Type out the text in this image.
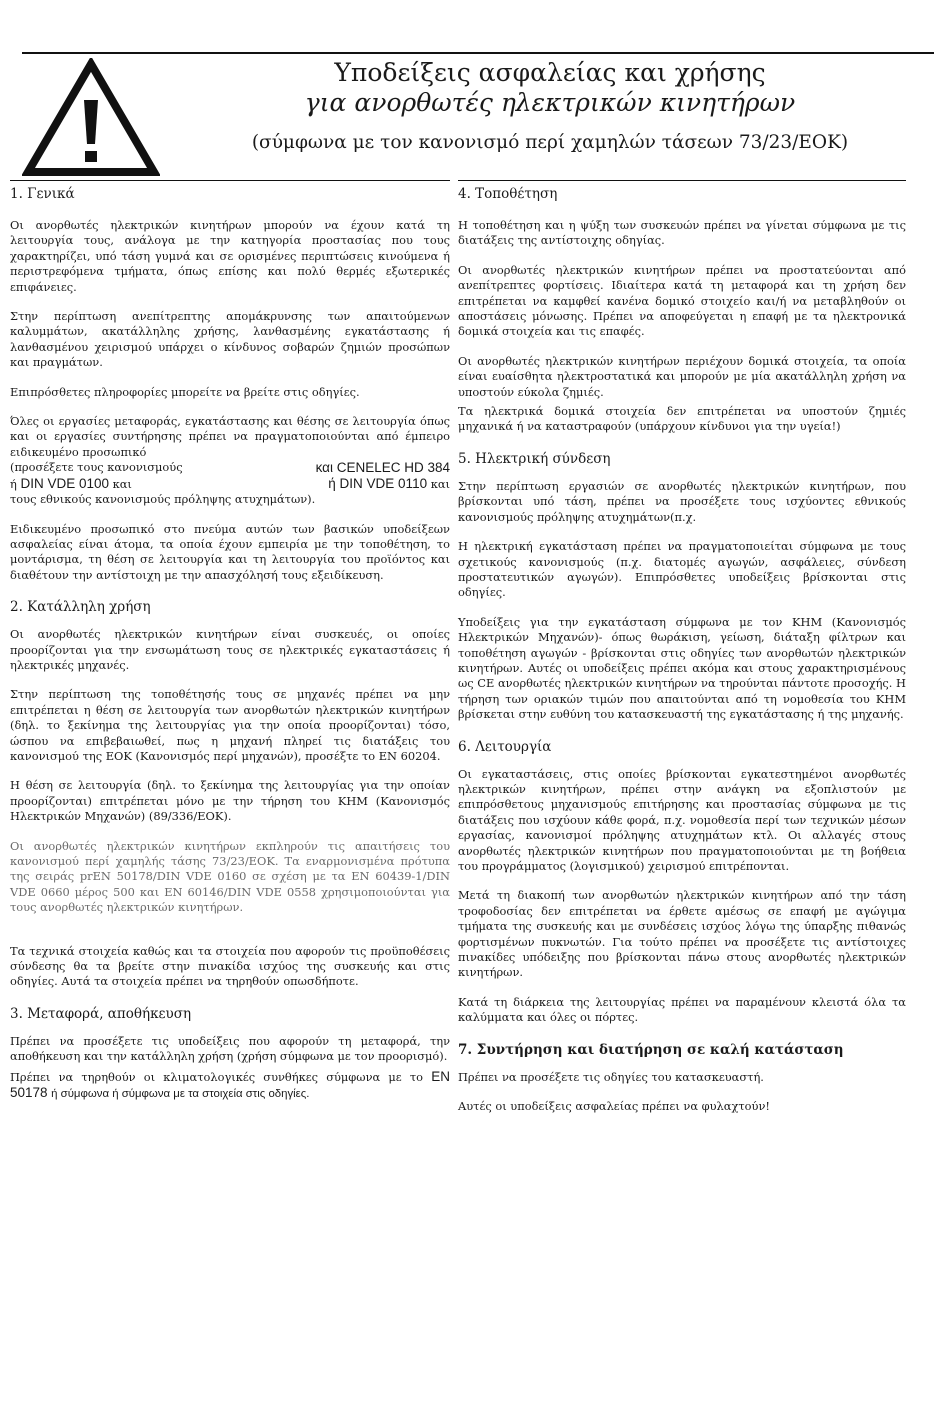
Υποδείξεις ασφαλείας και χρήσης
για ανορθωτές ηλεκτρικών κινητήρων

(σύμφωνα με τον κανονισμό περί χαμηλών τάσεων 73/23/ΕΟΚ)

1. Γενικά

Οι ανορθωτές ηλεκτρικών κινητήρων μπορούν να έχουν κατά τη λειτουργία τους, ανάλογα με την κατηγορία προστασίας που τους χαρακτηρίζει, υπό τάση γυμνά και σε ορισμένες περιπτώσεις κινούμενα ή περιστρεφόμενα τμήματα, όπως επίσης και πολύ θερμές εξωτερικές επιφάνειες.

Στην περίπτωση ανεπίτρεπτης απομάκρυνσης των απαιτούμενων καλυμμάτων, ακατάλληλης χρήσης, λανθασμένης εγκατάστασης ή λανθασμένου χειρισμού υπάρχει ο κίνδυνος σοβαρών ζημιών προσώπων και πραγμάτων.

Επιπρόσθετες πληροφορίες μπορείτε να βρείτε στις οδηγίες.

Όλες οι εργασίες μεταφοράς, εγκατάστασης και θέσης σε λειτουργία όπως και οι εργασίες συντήρησης πρέπει να πραγματοποιούνται από έμπειρο ειδικευμένο προσωπικό
(προσέξετε τους κανονισμούς	και CENELEC HD 384
ή DIN VDE 0100 και	ή DIN VDE 0110 και
τους εθνικούς κανονισμούς πρόληψης ατυχημάτων).

Ειδικευμένο προσωπικό στο πνεύμα αυτών των βασικών υποδείξεων ασφαλείας είναι άτομα, τα οποία έχουν εμπειρία με την τοποθέτηση, το μοντάρισμα, τη θέση σε λειτουργία και τη λειτουργία του προϊόντος και διαθέτουν την αντίστοιχη με την απασχόλησή τους εξειδίκευση.

2. Κατάλληλη χρήση

Οι ανορθωτές ηλεκτρικών κινητήρων είναι συσκευές, οι οποίες προορίζονται για την ενσωμάτωση τους σε ηλεκτρικές εγκαταστάσεις ή ηλεκτρικές μηχανές.

Στην περίπτωση της τοποθέτησής τους σε μηχανές πρέπει να μην επιτρέπεται η θέση σε λειτουργία των ανορθωτών ηλεκτρικών κινητήρων (δηλ. το ξεκίνημα της λειτουργίας για την οποία προορίζονται) τόσο, ώσπου να επιβεβαιωθεί, πως η μηχανή πληρεί τις διατάξεις του κανονισμού της ΕΟΚ (Κανονισμός περί μηχανών), προσέξτε το EN 60204.

Η θέση σε λειτουργία (δηλ. το ξεκίνημα της λειτουργίας για την οποίαν προορίζονται) επιτρέπεται μόνο με την τήρηση του ΚΗΜ (Κανονισμός Ηλεκτρικών Μηχανών) (89/336/ΕΟΚ).

Οι ανορθωτές ηλεκτρικών κινητήρων εκπληρούν τις απαιτήσεις του κανονισμού περί χαμηλής τάσης 73/23/ΕΟΚ. Τα εναρμονισμένα πρότυπα της σειράς prEN 50178/DIN VDE 0160 σε σχέση με τα EN 60439-1/DIN VDE 0660 μέρος 500 και EN 60146/DIN VDE 0558 χρησιμοποιούνται για τους ανορθωτές ηλεκτρικών κινητήρων.

Τα τεχνικά στοιχεία καθώς και τα στοιχεία που αφορούν τις προϋποθέσεις σύνδεσης θα τα βρείτε στην πινακίδα ισχύος της συσκευής και στις οδηγίες. Αυτά τα στοιχεία πρέπει να τηρηθούν οπωσδήποτε.

3. Μεταφορά, αποθήκευση

Πρέπει να προσέξετε τις υποδείξεις που αφορούν τη μεταφορά, την αποθήκευση και την κατάλληλη χρήση (χρήση σύμφωνα με τον προορισμό).

Πρέπει να τηρηθούν οι κλιματολογικές συνθήκες σύμφωνα με το EN 50178 ή σύμφωνα ή σύμφωνα με τα στοιχεία στις οδηγίες.

4. Τοποθέτηση

Η τοποθέτηση και η ψύξη των συσκευών πρέπει να γίνεται σύμφωνα με τις διατάξεις της αντίστοιχης οδηγίας.

Οι ανορθωτές ηλεκτρικών κινητήρων πρέπει να προστατεύονται από ανεπίτρεπτες φορτίσεις. Ιδιαίτερα κατά τη μεταφορά και τη χρήση δεν επιτρέπεται να καμφθεί κανένα δομικό στοιχείο και/ή να μεταβληθούν οι αποστάσεις μόνωσης. Πρέπει να αποφεύγεται η επαφή με τα ηλεκτρονικά δομικά στοιχεία και τις επαφές.

Οι ανορθωτές ηλεκτρικών κινητήρων περιέχουν δομικά στοιχεία, τα οποία είναι ευαίσθητα ηλεκτροστατικά και μπορούν με μία ακατάλληλη χρήση να υποστούν εύκολα ζημιές.

Τα ηλεκτρικά δομικά στοιχεία δεν επιτρέπεται να υποστούν ζημιές μηχανικά ή να καταστραφούν (υπάρχουν κίνδυνοι για την υγεία!)

5. Ηλεκτρική σύνδεση

Στην περίπτωση εργασιών σε ανορθωτές ηλεκτρικών κινητήρων, που βρίσκονται υπό τάση, πρέπει να προσέξετε τους ισχύοντες εθνικούς κανονισμούς πρόληψης ατυχημάτων(π.χ.

Η ηλεκτρική εγκατάσταση πρέπει να πραγματοποιείται σύμφωνα με τους σχετικούς κανονισμούς (π.χ. διατομές αγωγών, ασφάλειες, σύνδεση προστατευτικών αγωγών). Επιπρόσθετες υποδείξεις βρίσκονται στις οδηγίες.

Υποδείξεις για την εγκατάσταση σύμφωνα με τον ΚΗΜ (Κανονισμός Ηλεκτρικών Μηχανών)- όπως θωράκιση, γείωση, διάταξη φίλτρων και τοποθέτηση αγωγών - βρίσκονται στις οδηγίες των ανορθωτών ηλεκτρικών κινητήρων. Αυτές οι υποδείξεις πρέπει ακόμα και στους χαρακτηρισμένους ως CE ανορθωτές ηλεκτρικών κινητήρων να τηρούνται πάντοτε προσοχής. Η τήρηση των οριακών τιμών που απαιτούνται από τη νομοθεσία του ΚΗΜ βρίσκεται στην ευθύνη του κατασκευαστή της εγκατάστασης ή της μηχανής.

6. Λειτουργία

Οι εγκαταστάσεις, στις οποίες βρίσκονται εγκατεστημένοι ανορθωτές ηλεκτρικών κινητήρων, πρέπει στην ανάγκη να εξοπλιστούν με επιπρόσθετους μηχανισμούς επιτήρησης και προστασίας σύμφωνα με τις διατάξεις που ισχύουν κάθε φορά, π.χ. νομοθεσία περί των τεχνικών μέσων εργασίας, κανονισμοί πρόληψης ατυχημάτων κτλ. Οι αλλαγές στους ανορθωτές ηλεκτρικών κινητήρων που πραγματοποιούνται με τη βοήθεια του προγράμματος (λογισμικού) χειρισμού επιτρέπονται.

Μετά τη διακοπή των ανορθωτών ηλεκτρικών κινητήρων από την τάση τροφοδοσίας δεν επιτρέπεται να έρθετε αμέσως σε επαφή με αγώγιμα τμήματα της συσκευής και με συνδέσεις ισχύος λόγω της ύπαρξης πιθανώς φορτισμένων πυκνωτών. Για τούτο πρέπει να προσέξετε τις αντίστοιχες πινακίδες υπόδειξης που βρίσκονται πάνω στους ανορθωτές ηλεκτρικών κινητήρων.

Κατά τη διάρκεια της λειτουργίας πρέπει να παραμένουν κλειστά όλα τα καλύμματα και όλες οι πόρτες.

7. Συντήρηση και διατήρηση σε καλή κατάσταση

Πρέπει να προσέξετε τις οδηγίες του κατασκευαστή.

Αυτές οι υποδείξεις ασφαλείας πρέπει να φυλαχτούν!
